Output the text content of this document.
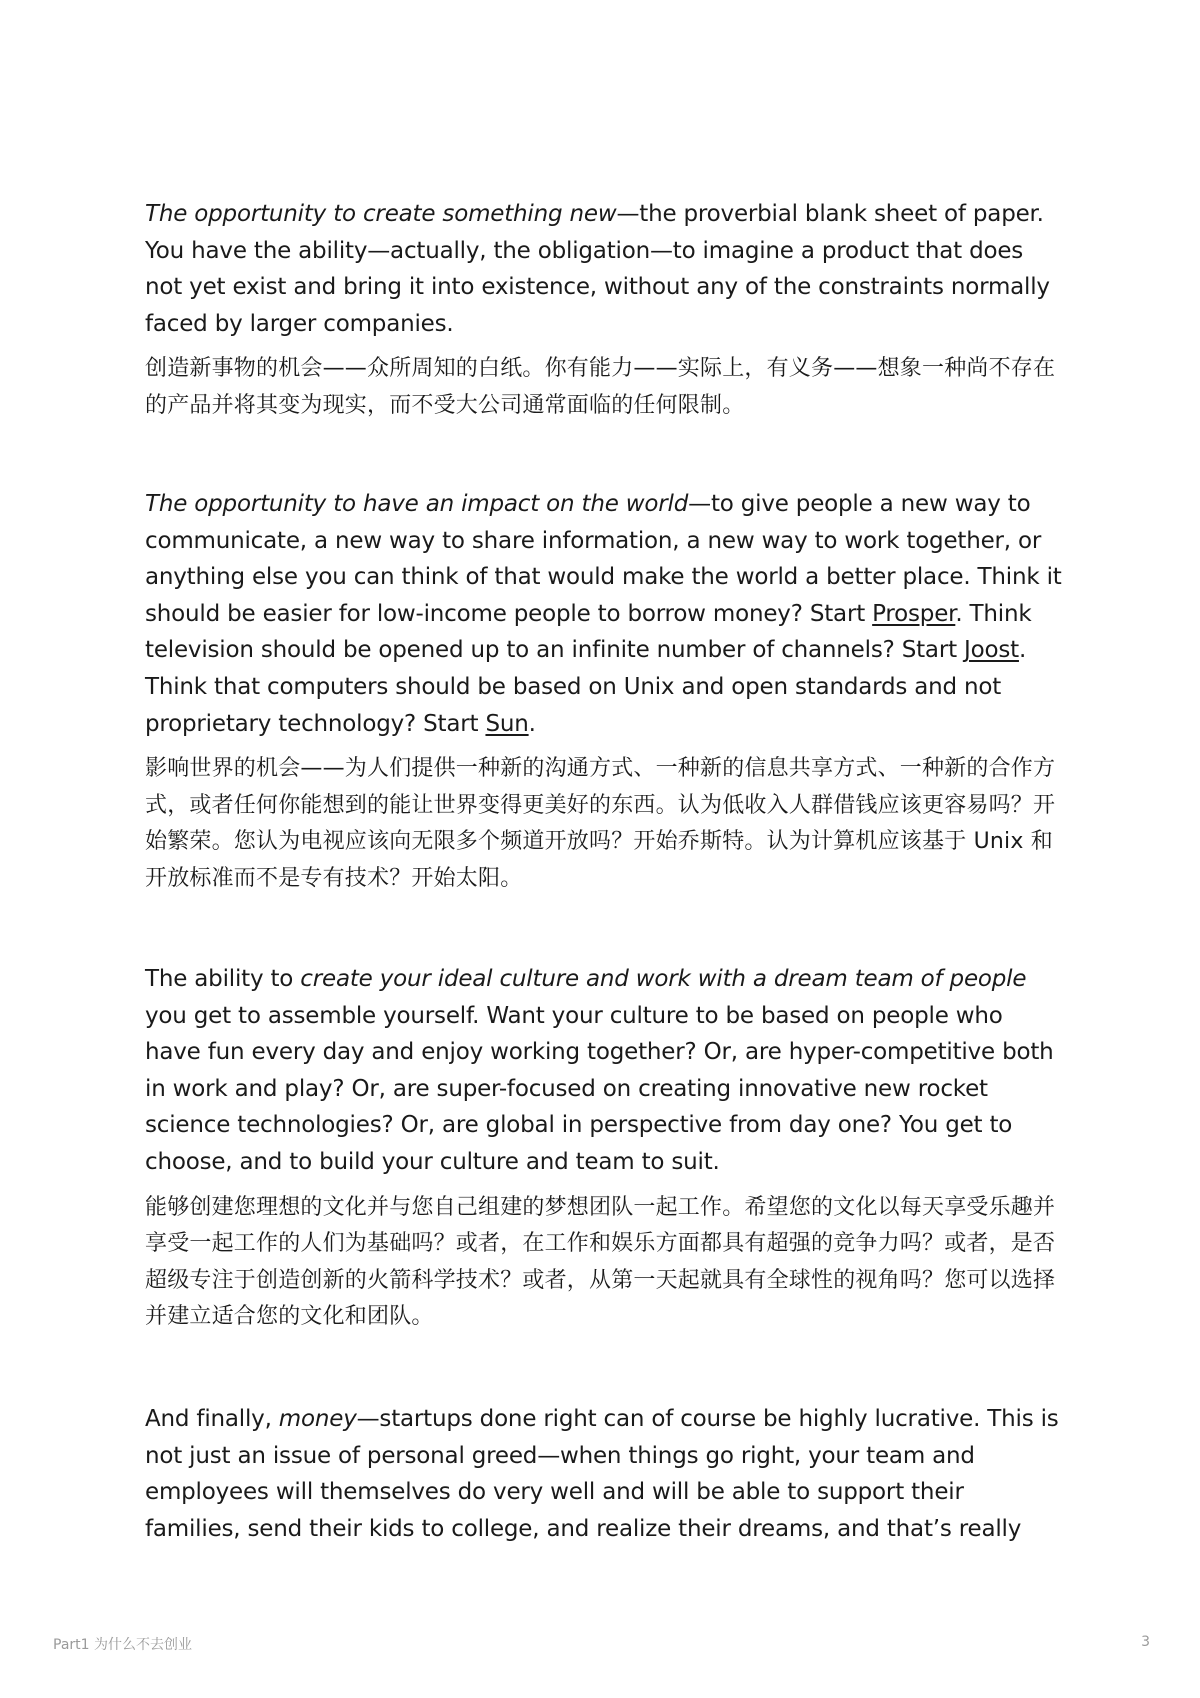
The opportunity to create something new—the proverbial blank sheet of paper. You have the ability—actually, the obligation—to imagine a product that does not yet exist and bring it into existence, without any of the constraints normally faced by larger companies.

创造新事物的机会——众所周知的白纸。你有能力——实际上，有义务——想象一种尚不存在的产品并将其变为现实，而不受大公司通常面临的任何限制。

The opportunity to have an impact on the world—to give people a new way to communicate, a new way to share information, a new way to work together, or anything else you can think of that would make the world a better place. Think it should be easier for low-income people to borrow money? Start Prosper. Think television should be opened up to an infinite number of channels? Start Joost. Think that computers should be based on Unix and open standards and not proprietary technology? Start Sun.

影响世界的机会——为人们提供一种新的沟通方式、一种新的信息共享方式、一种新的合作方式，或者任何你能想到的能让世界变得更美好的东西。认为低收入人群借钱应该更容易吗？开始繁荣。您认为电视应该向无限多个频道开放吗？开始乔斯特。认为计算机应该基于 Unix 和开放标准而不是专有技术？开始太阳。

The ability to create your ideal culture and work with a dream team of people you get to assemble yourself. Want your culture to be based on people who have fun every day and enjoy working together? Or, are hyper-competitive both in work and play? Or, are super-focused on creating innovative new rocket science technologies? Or, are global in perspective from day one? You get to choose, and to build your culture and team to suit.

能够创建您理想的文化并与您自己组建的梦想团队一起工作。希望您的文化以每天享受乐趣并享受一起工作的人们为基础吗？或者，在工作和娱乐方面都具有超强的竞争力吗？或者，是否超级专注于创造创新的火箭科学技术？或者，从第一天起就具有全球性的视角吗？您可以选择并建立适合您的文化和团队。

And finally, money—startups done right can of course be highly lucrative. This is not just an issue of personal greed—when things go right, your team and employees will themselves do very well and will be able to support their families, send their kids to college, and realize their dreams, and that’s really

Part1 为什么不去创业	3
